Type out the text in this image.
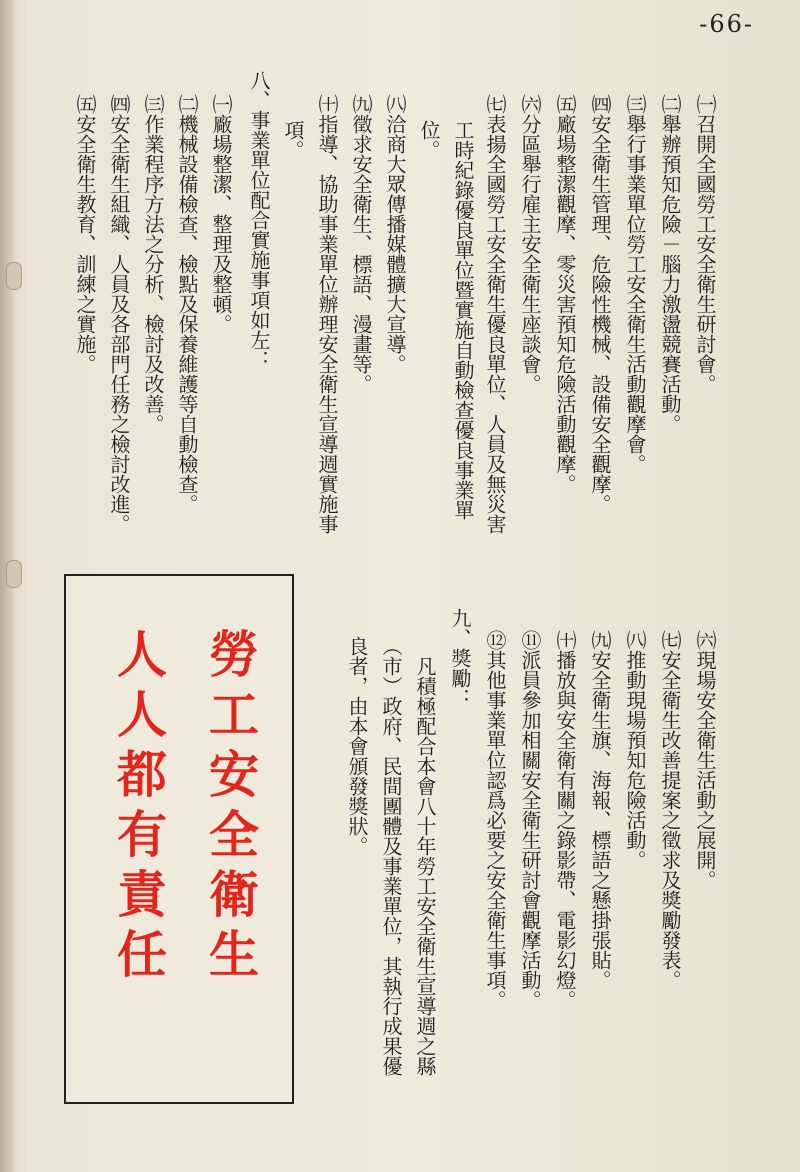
-66-
㈠召開全國勞工安全衛生研討會。
㈡舉辦預知危險－腦力激盪競賽活動。
㈢舉行事業單位勞工安全衛生活動觀摩會。
㈣安全衛生管理、危險性機械、設備安全觀摩。
㈤廠場整潔觀摩、零災害預知危險活動觀摩。
㈥分區舉行雇主安全衛生座談會。
㈦表揚全國勞工安全衛生優良單位、人員及無災害
工時紀錄優良單位暨實施自動檢查優良事業單
位。
㈧洽商大眾傳播媒體擴大宣導。
㈨徵求安全衛生、標語、漫畫等。
㈩指導、協助事業單位辦理安全衛生宣導週實施事
項。
八、事業單位配合實施事項如左：
㈠廠場整潔、整理及整頓。
㈡機械設備檢查、檢點及保養維護等自動檢查。
㈢作業程序方法之分析、檢討及改善。
㈣安全衛生組織、人員及各部門任務之檢討改進。
㈤安全衛生教育、訓練之實施。
㈥現場安全衛生活動之展開。
㈦安全衛生改善提案之徵求及獎勵發表。
㈧推動現場預知危險活動。
㈨安全衛生旗、海報、標語之懸掛張貼。
㈩播放與安全衛有關之錄影帶、電影幻燈。
⑪派員參加相關安全衛生研討會觀摩活動。
⑫其他事業單位認爲必要之安全衛生事項。
九、獎勵：
凡積極配合本會八十年勞工安全衛生宣導週之縣
（市）政府、民間團體及事業單位，其執行成果優
良者，由本會頒發獎狀。
勞工安全衛生
人人都有責任
